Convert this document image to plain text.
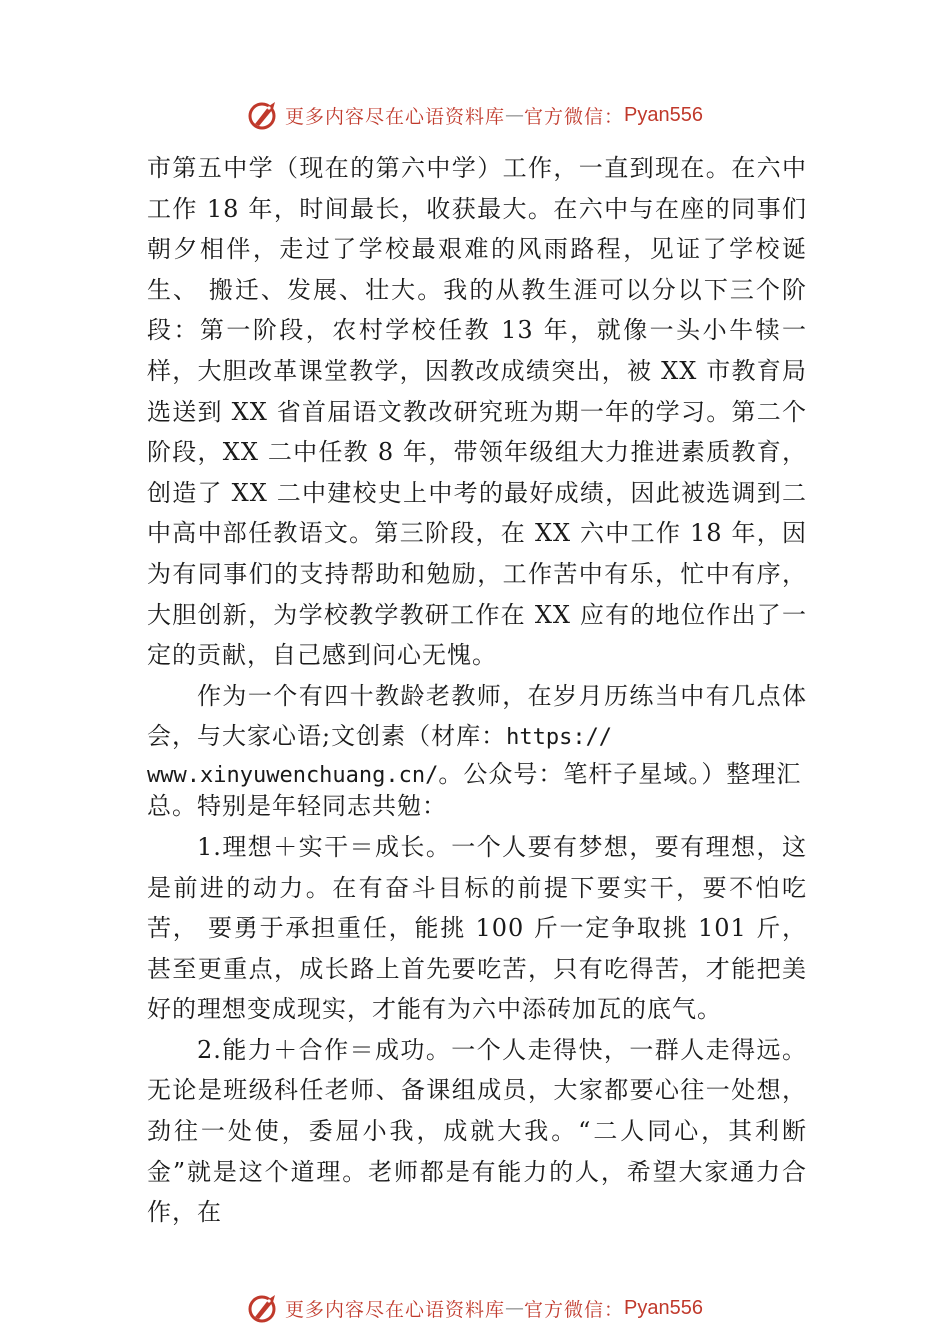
更多内容尽在心语资料库 — 官方微信： Pyan556

市第五中学（现在的第六中学）工作，一直到现在。在六中工作 18 年，时间最长，收获最大。在六中与在座的同事们朝夕相伴，走过了学校最艰难的风雨路程，见证了学校诞生、 搬迁、发展、壮大。我的从教生涯可以分以下三个阶段：第一阶段，农村学校任教 13 年，就像一头小牛犊一样，大胆改革课堂教学，因教改成绩突出，被 XX 市教育局选送到 XX 省首届语文教改研究班为期一年的学习。第二个阶段，XX 二中任教 8 年，带领年级组大力推进素质教育，创造了 XX 二中建校史上中考的最好成绩，因此被选调到二中高中部任教语文。第三阶段，在 XX 六中工作 18 年，因为有同事们的支持帮助和勉励，工作苦中有乐，忙中有序，大胆创新，为学校教学教研工作在 XX 应有的地位作出了一定的贡献，自己感到问心无愧。

作为一个有四十教龄老教师，在岁月历练当中有几点体会，与大家心语;文创素（材库：https://

www.xinyuwenchuang.cn/。公众号：笔杆子星域。）整理汇

总。特别是年轻同志共勉：

1.理想＋实干＝成长。一个人要有梦想，要有理想，这是前进的动力。在有奋斗目标的前提下要实干，要不怕吃苦， 要勇于承担重任，能挑 100 斤一定争取挑 101 斤，甚至更重点，成长路上首先要吃苦，只有吃得苦，才能把美好的理想变成现实，才能有为六中添砖加瓦的底气。

2.能力＋合作＝成功。一个人走得快，一群人走得远。无论是班级科任老师、备课组成员，大家都要心往一处想，劲往一处使，委屈小我，成就大我。“二人同心，其利断金”就是这个道理。老师都是有能力的人，希望大家通力合作，在

更多内容尽在心语资料库 — 官方微信： Pyan556
